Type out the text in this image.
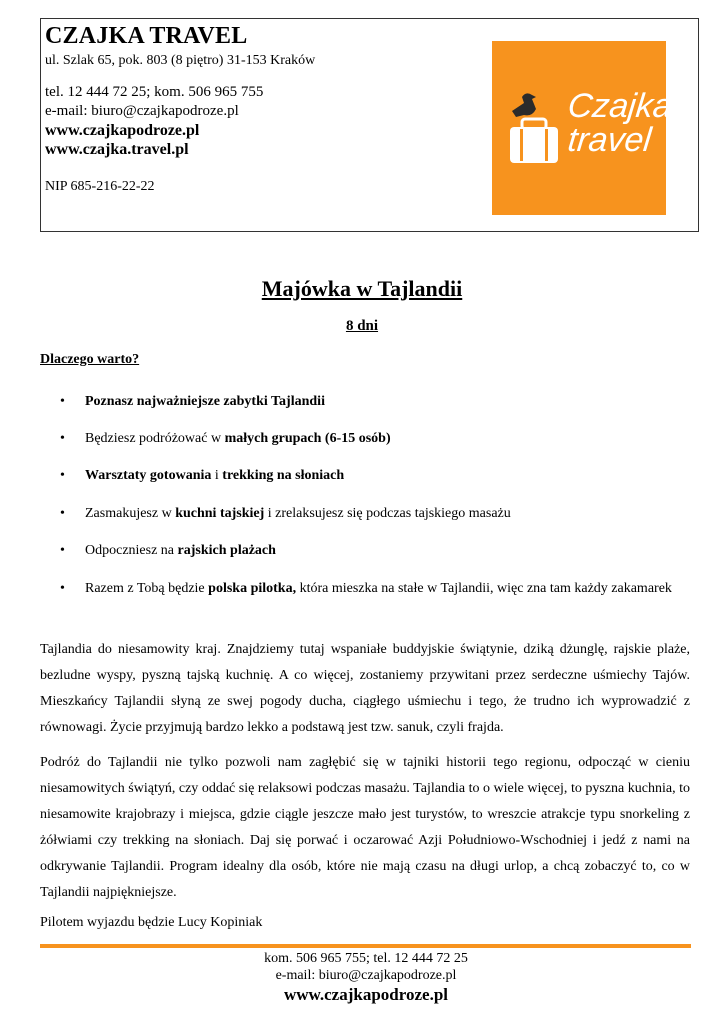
CZAJKA TRAVEL
ul. Szlak 65, pok. 803 (8 piętro) 31-153 Kraków
tel. 12 444 72 25; kom. 506 965 755
e-mail: biuro@czajkapodroze.pl
www.czajkapodroze.pl
www.czajka.travel.pl
NIP 685-216-22-22
Czajka
travel
Majówka w Tajlandii
8 dni
Dlaczego warto?
• Poznasz najważniejsze zabytki Tajlandii
• Będziesz podróżować w małych grupach (6-15 osób)
• Warsztaty gotowania i trekking na słoniach
• Zasmakujesz w kuchni tajskiej i zrelaksujesz się podczas tajskiego masażu
• Odpoczniesz na rajskich plażach
• Razem z Tobą będzie polska pilotka, która mieszka na stałe w Tajlandii, więc zna tam każdy zakamarek
Tajlandia do niesamowity kraj. Znajdziemy tutaj wspaniałe buddyjskie świątynie, dziką dżunglę, rajskie plaże, bezludne wyspy, pyszną tajską kuchnię. A co więcej, zostaniemy przywitani przez serdeczne uśmiechy Tajów. Mieszkańcy Tajlandii słyną ze swej pogody ducha, ciągłego uśmiechu i tego, że trudno ich wyprowadzić z równowagi. Życie przyjmują bardzo lekko a podstawą jest tzw. sanuk, czyli frajda.
Podróż do Tajlandii nie tylko pozwoli nam zagłębić się w tajniki historii tego regionu, odpocząć w cieniu niesamowitych świątyń, czy oddać się relaksowi podczas masażu. Tajlandia to o wiele więcej, to pyszna kuchnia, to niesamowite krajobrazy i miejsca, gdzie ciągle jeszcze mało jest turystów, to wreszcie atrakcje typu snorkeling z żółwiami czy trekking na słoniach. Daj się porwać i oczarować Azji Południowo-Wschodniej i jedź z nami na odkrywanie Tajlandii. Program idealny dla osób, które nie mają czasu na długi urlop, a chcą zobaczyć to, co w Tajlandii najpiękniejsze.
Pilotem wyjazdu będzie Lucy Kopiniak
kom. 506 965 755; tel. 12 444 72 25
e-mail: biuro@czajkapodroze.pl
www.czajkapodroze.pl
